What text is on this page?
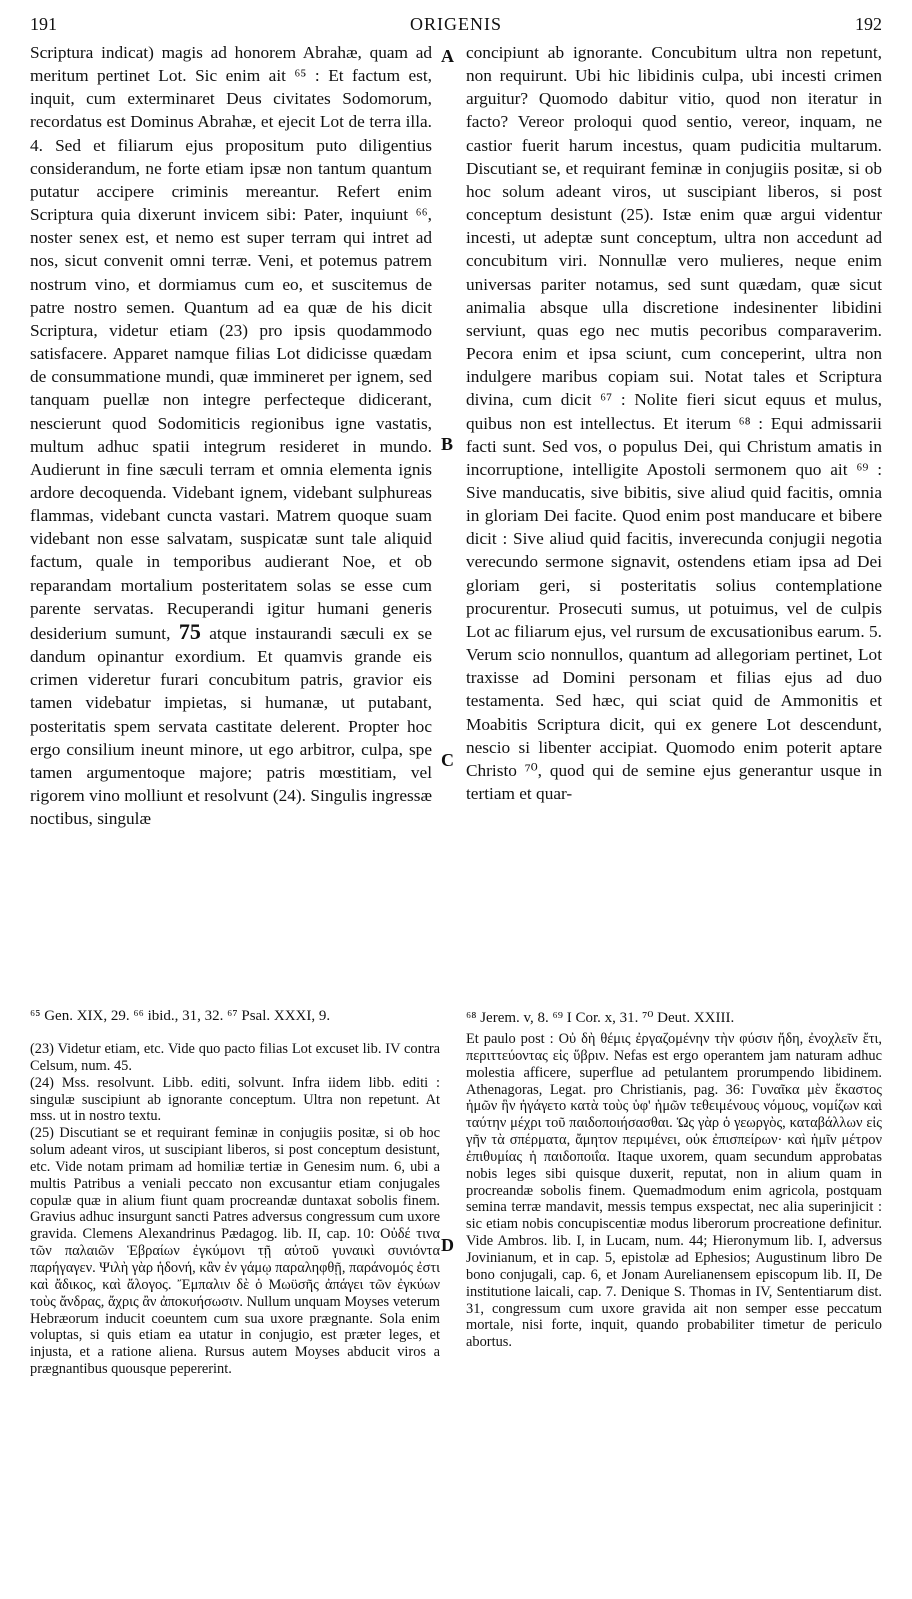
191	ORIGENIS	192
Scriptura indicat) magis ad honorem Abrahæ, quam ad meritum pertinet Lot. Sic enim ait ⁶⁵ : Et factum est, inquit, cum exterminaret Deus civitates Sodomorum, recordatus est Dominus Abrahæ, et ejecit Lot de terra illa. 4. Sed et filiarum ejus propositum puto diligentius considerandum, ne forte etiam ipsæ non tantum quantum putatur accipere criminis mereantur. Refert enim Scriptura quia dixerunt invicem sibi: Pater, inquiunt ⁶⁶, noster senex est, et nemo est super terram qui intret ad nos, sicut convenit omni terræ. Veni, et potemus patrem nostrum vino, et dormiamus cum eo, et suscitemus de patre nostro semen. Quantum ad ea quæ de his dicit Scriptura, videtur etiam (23) pro ipsis quodammodo satisfacere. Apparet namque filias Lot didicisse quædam de consummatione mundi, quæ immineret per ignem, sed tanquam puellæ non integre perfecteque didicerant, nescierunt quod Sodomiticis regionibus igne vastatis, multum adhuc spatii integrum resideret in mundo. Audierunt in fine sæculi terram et omnia elementa ignis ardore decoquenda. Videbant ignem, videbant sulphureas flammas, videbant cuncta vastari. Matrem quoque suam videbant non esse salvatam, suspicatæ sunt tale aliquid factum, quale in temporibus audierant Noe, et ob reparandam mortalium posteritatem solas se esse cum parente servatas. Recuperandi igitur humani generis desiderium sumunt, 75 atque instaurandi sæculi ex se dandum opinantur exordium. Et quamvis grande eis crimen videretur furari concubitum patris, gravior eis tamen videbatur impietas, si humanæ, ut putabant, posteritatis spem servata castitate delerent. Propter hoc ergo consilium ineunt minore, ut ego arbitror, culpa, spe tamen argumentoque majore; patris mœstitiam, vel rigorem vino molliunt et resolvunt (24). Singulis ingressæ noctibus, singulæ
concipiunt ab ignorante. Concubitum ultra non repetunt, non requirunt. Ubi hic libidinis culpa, ubi incesti crimen arguitur? Quomodo dabitur vitio, quod non iteratur in facto? Vereor proloqui quod sentio, vereor, inquam, ne castior fuerit harum incestus, quam pudicitia multarum. Discutiant se, et requirant feminæ in conjugiis positæ, si ob hoc solum adeant viros, ut suscipiant liberos, si post conceptum desistunt (25). Istæ enim quæ argui videntur incesti, ut adeptæ sunt conceptum, ultra non accedunt ad concubitum viri. Nonnullæ vero mulieres, neque enim universas pariter notamus, sed sunt quædam, quæ sicut animalia absque ulla discretione indesinenter libidini serviunt, quas ego nec mutis pecoribus comparaverim. Pecora enim et ipsa sciunt, cum conceperint, ultra non indulgere maribus copiam sui. Notat tales et Scriptura divina, cum dicit ⁶⁷ : Nolite fieri sicut equus et mulus, quibus non est intellectus. Et iterum ⁶⁸ : Equi admissarii facti sunt. Sed vos, o populus Dei, qui Christum amatis in incorruptione, intelligite Apostoli sermonem quo ait ⁶⁹ : Sive manducatis, sive bibitis, sive aliud quid facitis, omnia in gloriam Dei facite. Quod enim post manducare et bibere dicit : Sive aliud quid facitis, inverecunda conjugii negotia verecundo sermone signavit, ostendens etiam ipsa ad Dei gloriam geri, si posteritatis solius contemplatione procurentur. Prosecuti sumus, ut potuimus, vel de culpis Lot ac filiarum ejus, vel rursum de excusationibus earum. 5. Verum scio nonnullos, quantum ad allegoriam pertinet, Lot traxisse ad Domini personam et filias ejus ad duo testamenta. Sed hæc, qui sciat quid de Ammonitis et Moabitis Scriptura dicit, qui ex genere Lot descendunt, nescio si libenter accipiat. Quomodo enim poterit aptare Christo ⁷⁰, quod qui de semine ejus generantur usque in tertiam et quar-
A
B
C
D
⁶⁵ Gen. XIX, 29. ⁶⁶ ibid., 31, 32. ⁶⁷ Psal. XXXI, 9.	⁶⁸ Jerem. v, 8. ⁶⁹ I Cor. x, 31. ⁷⁰ Deut. XXIII.
(23) Videtur etiam, etc. Vide quo pacto filias Lot excuset lib. IV contra Celsum, num. 45.
(24) Mss. resolvunt. Libb. editi, solvunt. Infra iidem libb. editi : singulæ suscipiunt ab ignorante conceptum. Ultra non repetunt. At mss. ut in nostro textu.
(25) Discutiant se et requirant feminæ in conjugiis positæ, si ob hoc solum adeant viros, ut suscipiant liberos, si post conceptum desistunt, etc. Vide notam primam ad homiliæ tertiæ in Genesim num. 6, ubi a multis Patribus a veniali peccato non excusantur etiam conjugales copulæ quæ in alium fiunt quam procreandæ duntaxat sobolis finem. Gravius adhuc insurgunt sancti Patres adversus congressum cum uxore gravida. Clemens Alexandrinus Pædagog. lib. II, cap. 10: Οὐδέ τινα τῶν παλαιῶν Ἑβραίων ἐγκύμονι τῇ αὐτοῦ γυναικὶ συνιόντα παρήγαγεν. Ψιλὴ γὰρ ἡδονή, κἂν ἐν γάμῳ παραληφθῇ, παράνομός ἐστι καὶ ἄδικος, καὶ ἄλογος. Ἔμπαλιν δὲ ὁ Μωϋσῆς ἀπάγει τῶν ἐγκύων τοὺς ἄνδρας, ἄχρις ἂν ἀποκυήσωσιν. Nullum unquam Moyses veterum Hebræorum inducit coeuntem cum sua uxore prægnante. Sola enim voluptas, si quis etiam ea utatur in conjugio, est præter leges, et injusta, et a ratione aliena. Rursus autem Moyses abducit viros a prægnantibus quousque pepererint.
Et paulo post : Οὐ δὴ θέμις ἐργαζομένην τὴν φύσιν ἤδη, ἐνοχλεῖν ἔτι, περιττεύοντας εἰς ὕβριν. Nefas est ergo operantem jam naturam adhuc molestia afficere, superflue ad petulantem prorumpendo libidinem. Athenagoras, Legat. pro Christianis, pag. 36: Γυναῖκα μὲν ἕκαστος ἡμῶν ἣν ἠγάγετο κατὰ τοὺς ὑφ' ἡμῶν τεθειμένους νόμους, νομίζων καὶ ταύτην μέχρι τοῦ παιδοποιήσασθαι. Ὡς γὰρ ὁ γεωργὸς, καταβάλλων εἰς γῆν τὰ σπέρματα, ἄμητον περιμένει, οὐκ ἐπισπείρων· καὶ ἡμῖν μέτρον ἐπιθυμίας ἡ παιδοποιΐα. Itaque uxorem, quam secundum approbatas nobis leges sibi quisque duxerit, reputat, non in alium quam in procreandæ sobolis finem. Quemadmodum enim agricola, postquam semina terræ mandavit, messis tempus exspectat, nec alia superinjicit : sic etiam nobis concupiscentiæ modus liberorum procreatione definitur. Vide Ambros. lib. I, in Lucam, num. 44; Hieronymum lib. I, adversus Jovinianum, et in cap. 5, epistolæ ad Ephesios; Augustinum libro De bono conjugali, cap. 6, et Jonam Aurelianensem episcopum lib. II, De institutione laicali, cap. 7. Denique S. Thomas in IV, Sententiarum dist. 31, congressum cum uxore gravida ait non semper esse peccatum mortale, nisi forte, inquit, quando probabiliter timetur de periculo abortus.
